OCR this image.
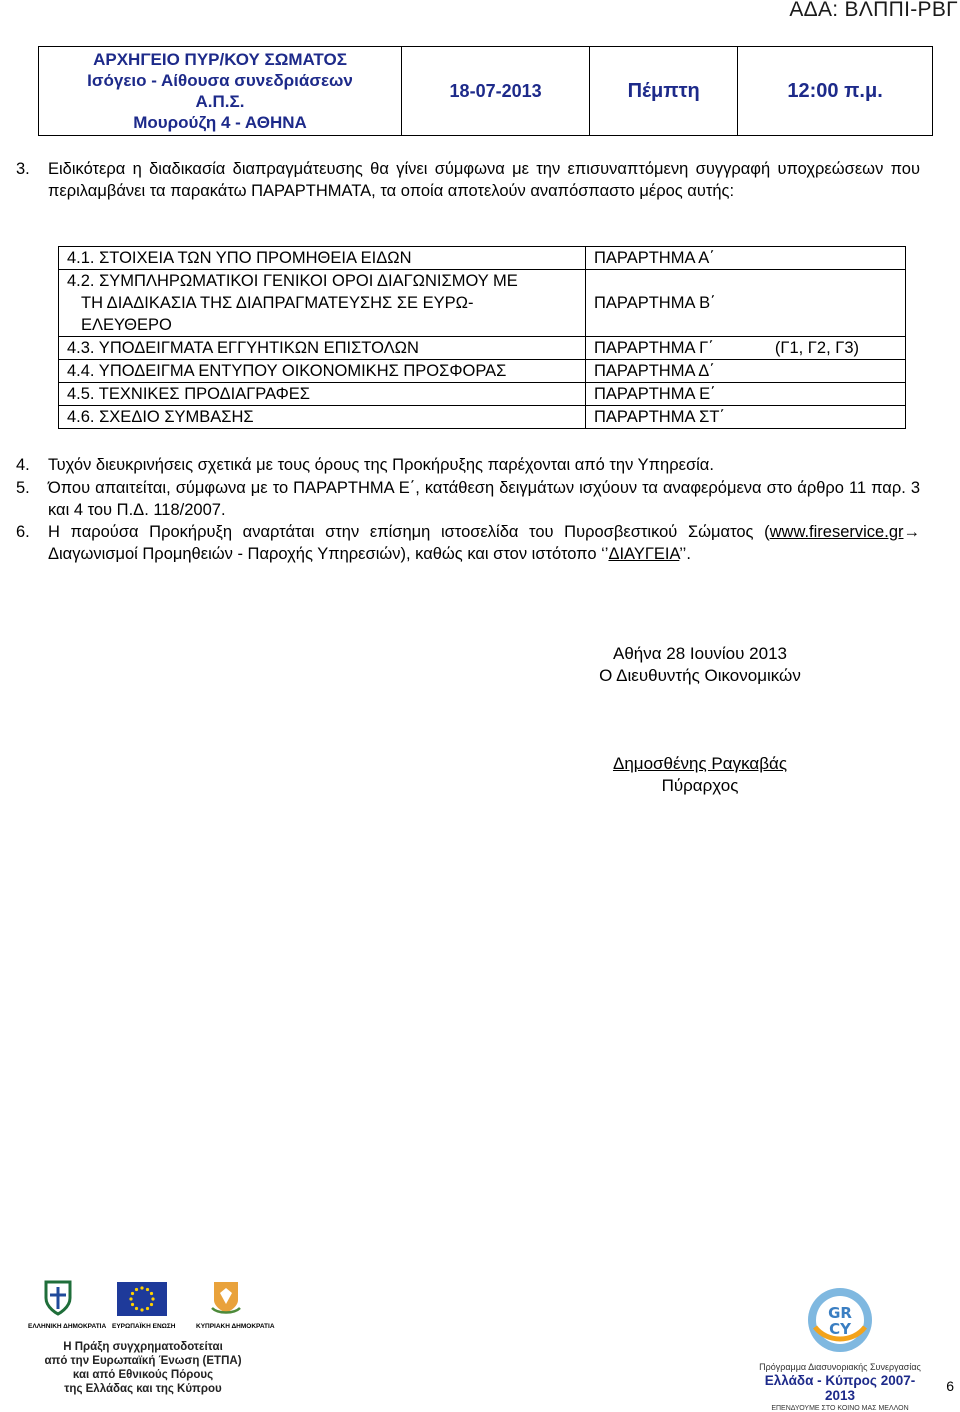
ΑΔΑ: ΒΛΠΠΙ-ΡΒΓ
ΑΡΧΗΓΕΙΟ ΠΥΡ/ΚΟΥ ΣΩΜΑΤΟΣ
Ισόγειο - Αίθουσα συνεδριάσεων
Α.Π.Σ.
Μουρούζη 4 - ΑΘΗΝΑ
	18-07-2013	Πέμπτη	12:00 π.μ.
3. Ειδικότερα η διαδικασία διαπραγμάτευσης θα γίνει σύμφωνα με την επισυναπτόμενη συγγραφή υποχρεώσεων που περιλαμβάνει τα παρακάτω ΠΑΡΑΡΤΗΜΑΤΑ, τα οποία αποτελούν αναπόσπαστο μέρος αυτής:
4.1. ΣΤΟΙΧΕΙΑ ΤΩΝ ΥΠΟ ΠΡΟΜΗΘΕΙΑ ΕΙΔΩΝ	ΠΑΡΑΡΤΗΜΑ Α΄

4.2. ΣΥΜΠΛΗΡΩΜΑΤΙΚΟΙ ΓΕΝΙΚΟΙ ΟΡΟΙ ΔΙΑΓΩΝΙΣΜΟΥ ΜΕ
ΤΗ ΔΙΑΔΙΚΑΣΙΑ ΤΗΣ ΔΙΑΠΡΑΓΜΑΤΕΥΣΗΣ ΣΕ ΕΥΡΩ-
ΕΛΕΥΘΕΡΟ	ΠΑΡΑΡΤΗΜΑ Β΄
4.3. ΥΠΟΔΕΙΓΜΑΤΑ ΕΓΓΥΗΤΙΚΩΝ ΕΠΙΣΤΟΛΩΝ	ΠΑΡΑΡΤΗΜΑ Γ΄ (Γ1, Γ2, Γ3)

4.4. ΥΠΟΔΕΙΓΜΑ ΕΝΤΥΠΟΥ ΟΙΚΟΝΟΜΙΚΗΣ ΠΡΟΣΦΟΡΑΣ	ΠΑΡΑΡΤΗΜΑ Δ΄
4.5. ΤΕΧΝΙΚΕΣ ΠΡΟΔΙΑΓΡΑΦΕΣ	ΠΑΡΑΡΤΗΜΑ Ε΄
4.6. ΣΧΕΔΙΟ ΣΥΜΒΑΣΗΣ	ΠΑΡΑΡΤΗΜΑ ΣΤ΄
4. Τυχόν διευκρινήσεις σχετικά με τους όρους της Προκήρυξης παρέχονται από την Υπηρεσία.
5. Όπου απαιτείται, σύμφωνα με το ΠΑΡΑΡΤΗΜΑ Ε΄, κατάθεση δειγμάτων ισχύουν τα αναφερόμενα στο άρθρο 11 παρ. 3 και 4 του Π.Δ. 118/2007.
6. Η παρούσα Προκήρυξη αναρτάται στην επίσημη ιστοσελίδα του Πυροσβεστικού Σώματος (www.fireservice.gr→ Διαγωνισμοί Προμηθειών - Παροχής Υπηρεσιών), καθώς και στον ιστότοπο ‘’ΔΙΑΥΓΕΙΑ’’.
Αθήνα 28 Ιουνίου 2013
Ο Διευθυντής Οικονομικών
Δημοσθένης Ραγκαβάς
Πύραρχος
ΕΛΛΗΝΙΚΗ ΔΗΜΟΚΡΑΤΙΑ ΕΥΡΩΠΑΪΚΗ ΕΝΩΣΗ	ΚΥΠΡΙΑΚΗ ΔΗΜΟΚΡΑΤΙΑ
Η Πράξη συγχρηματοδοτείται
από την Ευρωπαϊκή Ένωση (ΕΤΠΑ)
και από Εθνικούς Πόρους
της Ελλάδας και της Κύπρου
GR
CY
Πρόγραμμα Διασυνοριακής Συνεργασίας
Ελλάδα - Κύπρος 2007-2013
ΕΠΕΝΔΥΟΥΜΕ ΣΤΟ ΚΟΙΝΟ ΜΑΣ ΜΕΛΛΟΝ
6
